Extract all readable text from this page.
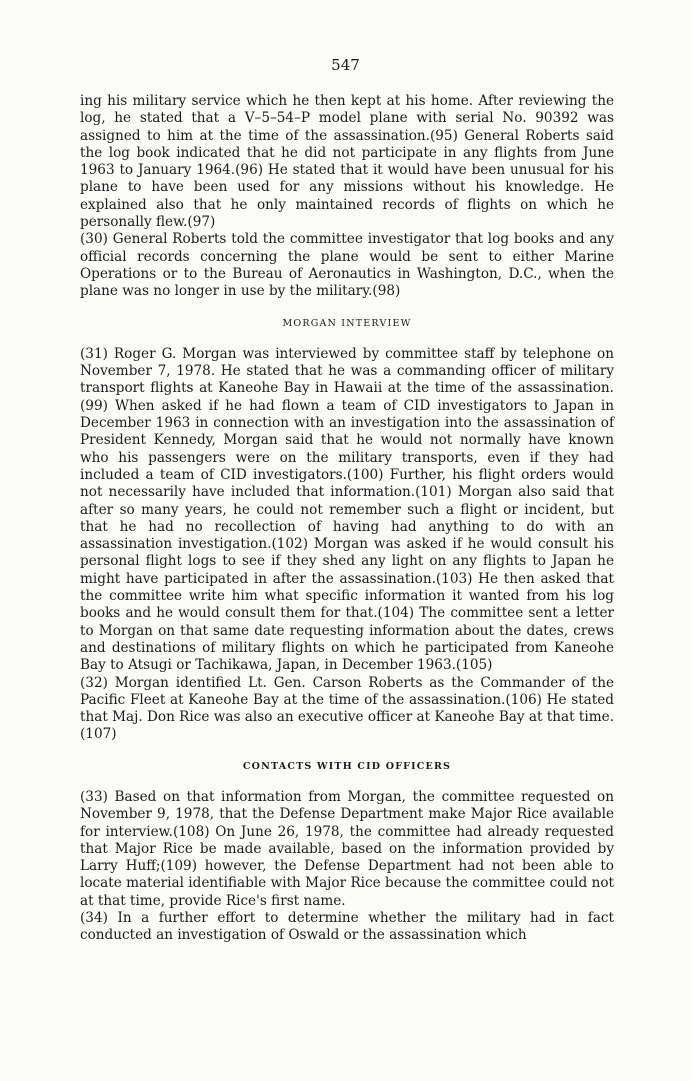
547

ing his military service which he then kept at his home. After reviewing the log, he stated that a V–5–54–P model plane with serial No. 90392 was assigned to him at the time of the assassination.(95) General Roberts said the log book indicated that he did not participate in any flights from June 1963 to January 1964.(96) He stated that it would have been unusual for his plane to have been used for any missions without his knowledge. He explained also that he only maintained records of flights on which he personally flew.(97)

(30) General Roberts told the committee investigator that log books and any official records concerning the plane would be sent to either Marine Operations or to the Bureau of Aeronautics in Washington, D.C., when the plane was no longer in use by the military.(98)

MORGAN INTERVIEW

(31) Roger G. Morgan was interviewed by committee staff by telephone on November 7, 1978. He stated that he was a commanding officer of military transport flights at Kaneohe Bay in Hawaii at the time of the assassination.(99) When asked if he had flown a team of CID investigators to Japan in December 1963 in connection with an investigation into the assassination of President Kennedy, Morgan said that he would not normally have known who his passengers were on the military transports, even if they had included a team of CID investigators.(100) Further, his flight orders would not necessarily have included that information.(101) Morgan also said that after so many years, he could not remember such a flight or incident, but that he had no recollection of having had anything to do with an assassination investigation.(102) Morgan was asked if he would consult his personal flight logs to see if they shed any light on any flights to Japan he might have participated in after the assassination.(103) He then asked that the committee write him what specific information it wanted from his log books and he would consult them for that.(104) The committee sent a letter to Morgan on that same date requesting information about the dates, crews and destinations of military flights on which he participated from Kaneohe Bay to Atsugi or Tachikawa, Japan, in December 1963.(105)

(32) Morgan identified Lt. Gen. Carson Roberts as the Commander of the Pacific Fleet at Kaneohe Bay at the time of the assassination.(106) He stated that Maj. Don Rice was also an executive officer at Kaneohe Bay at that time.(107)

CONTACTS WITH CID OFFICERS

(33) Based on that information from Morgan, the committee requested on November 9, 1978, that the Defense Department make Major Rice available for interview.(108) On June 26, 1978, the committee had already requested that Major Rice be made available, based on the information provided by Larry Huff;(109) however, the Defense Department had not been able to locate material identifiable with Major Rice because the committee could not at that time, provide Rice's first name.

(34) In a further effort to determine whether the military had in fact conducted an investigation of Oswald or the assassination which
